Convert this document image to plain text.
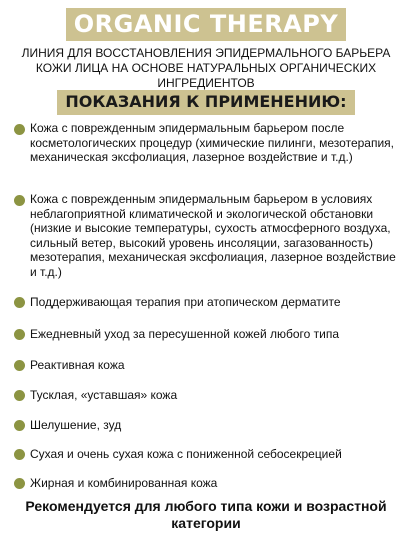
ORGANIC THERAPY
ЛИНИЯ ДЛЯ ВОССТАНОВЛЕНИЯ ЭПИДЕРМАЛЬНОГО БАРЬЕРА КОЖИ ЛИЦА НА ОСНОВЕ НАТУРАЛЬНЫХ ОРГАНИЧЕСКИХ ИНГРЕДИЕНТОВ
ПОКАЗАНИЯ К ПРИМЕНЕНИЮ:

Кожа с поврежденным эпидермальным барьером после косметологических процедур (химические пилинги, мезотерапия, механическая эксфолиация, лазерное воздействие и т.д.)

Кожа с поврежденным эпидермальным барьером в условиях неблагоприятной климатической и экологической обстановки (низкие и высокие температуры, сухость атмосферного воздуха, сильный ветер, высокий уровень инсоляции, загазованность) мезотерапия, механическая эксфолиация, лазерное воздействие и т.д.)

Поддерживающая терапия при атопическом дерматите

Ежедневный уход за пересушенной кожей любого типа

Реактивная кожа

Тусклая, «уставшая» кожа

Шелушение, зуд

Сухая и очень сухая кожа с пониженной себосекрецией

Жирная и комбинированная кожа

Рекомендуется для любого типа кожи и возрастной категории
